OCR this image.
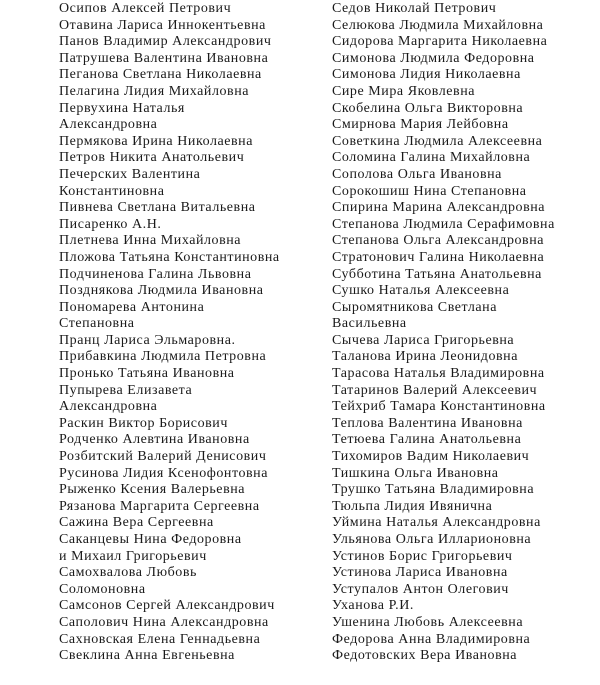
Осипов Алексей Петрович
Отавина Лариса Иннокентьевна
Панов Владимир Александрович
Патрушева Валентина Ивановна
Пеганова Светлана Николаевна
Пелагина Лидия Михайловна
Первухина Наталья
Александровна
Пермякова Ирина Николаевна
Петров Никита Анатольевич
Печерских Валентина
Константиновна
Пивнева Светлана Витальевна
Писаренко А.Н.
Плетнева Инна Михайловна
Пложова Татьяна Константиновна
Подчиненова Галина Львовна
Позднякова Людмила Ивановна
Пономарева Антонина
Степановна
Пранц Лариса Эльмаровна.
Прибавкина Людмила Петровна
Пронько Татьяна Ивановна
Пупырева Елизавета
Александровна
Раскин Виктор Борисович
Родченко Алевтина Ивановна
Розбитский Валерий Денисович
Русинова Лидия Ксенофонтовна
Рыженко Ксения Валерьевна
Рязанова Маргарита Сергеевна
Сажина Вера Сергеевна
Саканцевы Нина Федоровна
и Михаил Григорьевич
Самохвалова Любовь
Соломоновна
Самсонов Сергей Александрович
Саполович Нина Александровна
Сахновская Елена Геннадьевна
Свеклина Анна Евгеньевна
Седов Николай Петрович
Селюкова Людмила Михайловна
Сидорова Маргарита Николаевна
Симонова Людмила Федоровна
Симонова Лидия Николаевна
Сире Мира Яковлевна
Скобелина Ольга Викторовна
Смирнова Мария Лейбовна
Советкина Людмила Алексеевна
Соломина Галина Михайловна
Сополова Ольга Ивановна
Сорокошиш Нина Степановна
Спирина Марина Александровна
Степанова Людмила Серафимовна
Степанова Ольга Александровна
Стратонович Галина Николаевна
Субботина Татьяна Анатольевна
Сушко Наталья Алексеевна
Сыромятникова Светлана
Васильевна
Сычева Лариса Григорьевна
Таланова Ирина Леонидовна
Тарасова Наталья Владимировна
Татаринов Валерий Алексеевич
Тейхриб Тамара Константиновна
Теплова Валентина Ивановна
Тетюева Галина Анатольевна
Тихомиров Вадим Николаевич
Тишкина Ольга Ивановна
Трушко Татьяна Владимировна
Тюльпа Лидия Ивянична
Уймина Наталья Александровна
Ульянова Ольга Илларионовна
Устинов Борис Григорьевич
Устинова Лариса Ивановна
Уступалов Антон Олегович
Уханова Р.И.
Ушенина Любовь Алексеевна
Федорова Анна Владимировна
Федотовских Вера Ивановна
